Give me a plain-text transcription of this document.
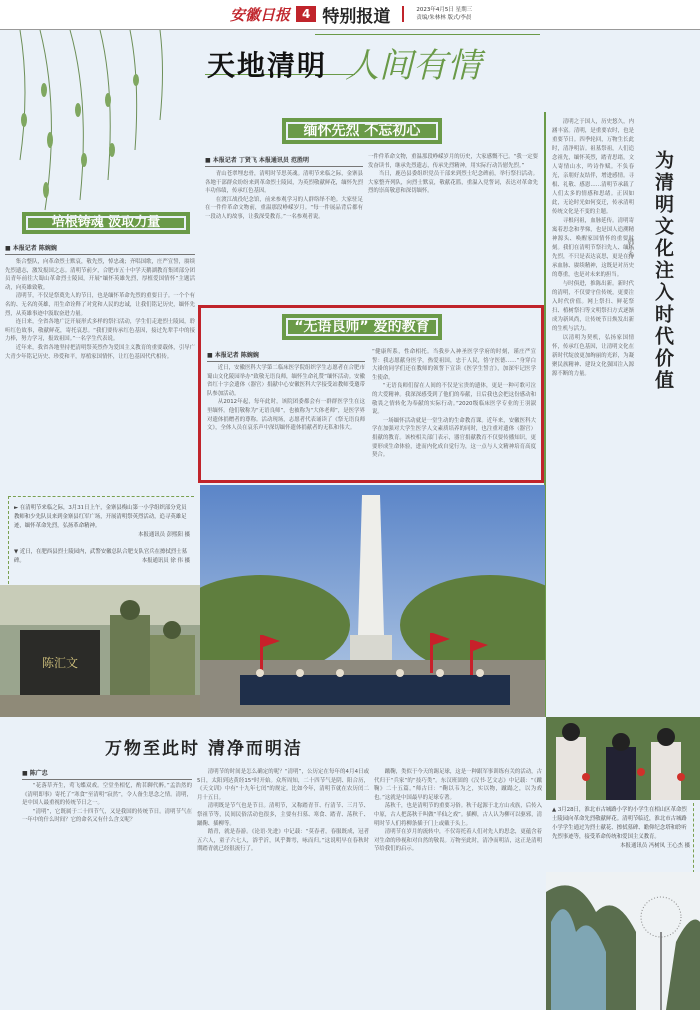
安徽日报	4 特别报道	2023年4月5日 星期三
责编/朱林林 版式/李晨
天地清明 人间有情
培根铸魂 汲取力量
■ 本报记者 陈婉婉

集合整队，向革命烈士默哀，敬先烈，悼忠魂；齐唱国歌，庄严宣誓，赓续先烈遗志，激发报国之志。清明节前夕，合肥市五十中学天鹅湖教育集团部分团员青年前往大蜀山革命烈士陵园，开展“缅怀英雄先烈，厚植爱国情怀”主题活动，向英雄致敬。

清明节，不仅是祭奠先人的节日，也是缅怀革命先烈的重要日子。一个个有名的、无名的英雄，用生命诠释了对党和人民的忠诚，让我们铭记历史，缅怀先烈，从英雄事迹中汲取奋进力量。

连日来，全省各地广泛开展形式多样的祭扫活动，学生们走进烈士陵园，聆听红色故事，敬献鲜花，寄托哀思。“我们要传承红色基因，接过先辈手中的接力棒，努力学习，报效祖国。”一名学生代表说。

近年来，我省各地坚持把清明祭英烈作为爱国主义教育的重要载体，引导广大青少年铭记历史、珍爱和平，厚植家国情怀，让红色基因代代相传。

缅怀先烈 不忘初心
■ 本报记者 丁贤飞 本报通讯员 范胜明

青山苍翠埋忠骨，清明时节思英魂。清明节来临之际，金寨县各地干部群众纷纷来到革命烈士陵园，为英烈敬献鲜花，缅怀先烈丰功伟绩，传承红色基因。

在渡江战役纪念馆，前来参观学习的人群络绎不绝。大家驻足在一件件革命文物前，重温那段峥嵘岁月。“每一件展品背后都有一段动人的故事，让我深受教育。”一名参观者说。

一件件革命文物，重温那段峥嵘岁月的历史，大家感慨不已。“我一定要发奋读书，继承先烈遗志，传承先烈精神，用实际行动告慰先烈。”

当日，鹿邑县委组织党员干部来到烈士纪念碑前，举行祭扫活动。大家整齐列队，向烈士默哀，敬献花篮，重温入党誓词，表达对革命先烈的崇高敬意和深切缅怀。

“无语良师” 爱的教育
■ 本报记者 陈婉婉

近日，安徽医科大学第二临床医学院组织学生志愿者在合肥市蜀山文化陵园举办“致敬无语良师，缅怀生命礼赞”缅怀活动。安徽省红十字会遗体（器官）捐献中心安徽医科大学接受站教师受邀带队参加活动。

从2012年起，每年此时，该院团委都会有一群群医学生在这里缅怀。他们敬称为“无语良师”，也被称为“大体老师”，是医学界对遗体捐赠者的尊称。活动现场，志愿者代表诵读了《祭无语良师文》，全体人员在哀乐声中深切缅怀遗体捐献者的无私和伟大。

“健康所系，性命相托。当我步入神圣医学学府的时刻，谨庄严宣誓：我志愿献身医学，热爱祖国，忠于人民，恪守医德……”身穿白大褂的同学们还在教师的领誓下宣读《医学生誓言》，加深牢记医学生使命。

“无语良师们留在人间的不仅是宝贵的遗体，更是一种可歌可泣的大爱精神。我深深感受到了他们的奉献，日后我也会把这份感动和敬畏之情转化为奉献的实际行动。”2020级临床医学专业的王羽淑说。

一场缅怀活动就是一堂生动的生命教育课。近年来，安徽医科大学在加强对大学生医学人文素质培养的同时，也注重对遗体（器官）捐献的教育。该校相关部门表示，器官捐献教育不仅要传播知识，更要形成生命体验，进而内化成自觉行为，这一点与人文精神培育高度契合。

清明之于国人，历史悠久，内涵丰富。清明，是重要农时，也是重要节日。四季轮回，万物生长此时，清净明洁。祖墓祭祖，人们追念祖先，缅怀英烈，踏青思绪，文人寄情山水，吟诗作赋。不负春光，亲朋好友结伴，增进感情。寻根、礼敬、感恩……清明节承载了人们太多的情感和思绪。正因如此，无论时光如何变迁，传承清明传统文化是不变的主题。

寻根问祖，血脉延传。清明寄寓着思念和孝悌，也是国人追溯精神源头、唤醒家国情怀的重要时刻。我们在清明节祭扫先人、缅怀先烈，不只是表达哀思，更是在传承血脉、赓续精神，这既是对历史的尊重，也是对未来的担当。

与时俱进，推陈出新。新时代的清明，不仅要守住传统，更要注入时代价值。网上祭扫、鲜花祭扫、植树祭扫等文明祭扫方式逐渐成为新风尚，让传统节日焕发出新的生机与活力。

以清明为契机，弘扬家国情怀，传承红色基因，让清明文化在新时代绽放更加绚丽的光彩，为凝聚民族精神、建设文化强国注入源源不断的力量。

韩小乔 为清明文化注入时代价值
► 在清明节来临之际，3月31日上午，金寨县梅山第一小学组织部分党员教师和少先队员来到金寨县红军广场，开展清明祭英烈活动，追寻英雄足迹，缅怀革命先烈，弘扬革命精神。
本报通讯员 彭熙阳 摄
▼ 近日，在肥西县烈士陵园内，武警安徽总队合肥支队官兵在擦拭烈士墓碑。	本报通讯员 徐 伟 摄
陈汇文
▲ 3月28日，淮北市古城路小学的小学生在相山区革命烈士陵园向革命先烈敬献鲜花。清明节临近，淮北市古城路小学学生通过为烈士献花、擦拭墓碑、瞻仰纪念塔和聆听先烈事迹等，接受革命传统和爱国主义教育。
本报通讯员 冯树凤 王心杰 摄
万物至此时 清净而明洁
■ 陈广忠

“花落草齐生，莺飞蝶双戏。空堂坐相忆，酌茗聊代醉。”孟浩然的《清明即事》寄托了“寒食”至清明“寂然”，令人备生思念之情。清明，是中国人最重视的传统节日之一。

“清明”，它既属于二十四节气，又是我国的传统节日。清明节气在一年中的什么时间？它的命名又有什么含义呢？

清明节的时间是怎么确定的呢？“清明”，公历定在每年的4月4日或5日，太阳到达黄经15°时开始。众所周知，二十四节气是阴、阳合历，《天文训》中有“十九年七闰”的规定。比如今年，清明节就在农历闰二月十五日。

清明既是节气也是节日。清明节，又称踏青节、行清节、三月节、祭祖节等，民间民俗活动也很多，主要有扫墓、寒食、踏青、荡秋千、蹴鞠、插柳等。

踏青，就是春游。《论语·先进》中记载：“莫春者，春服既成，冠者五六人，童子六七人，浴乎沂，风乎舞雩，咏而归。”这说明早在春秋时期踏青就已经很流行了。

蹴鞠，类似于今天的踢足球，这是一种跟军事训练有关的活动，古代归于“兵家”的“技巧类”。东汉班固的《汉书·艺文志》中记载：“《蹴鞠》二十五篇。”师古曰：“鞠以韦为之，实以物，蹴蹋之，以为戏也。”这就是中国最早的足球专著。

荡秋千，也是清明节的重要习俗。秋千起源于北方山戎族，后传入中原，古人把荡秋千叫做“半仙之戏”。插柳，古人认为柳可以驱邪，清明时节人们将柳条插于门上或戴于头上。

清明节在岁月的流转中，不仅寄托着人们对先人的思念，更蕴含着对生命的珍视和对自然的敬畏。万物至此时，清净而明洁，这正是清明节给我们的启示。
